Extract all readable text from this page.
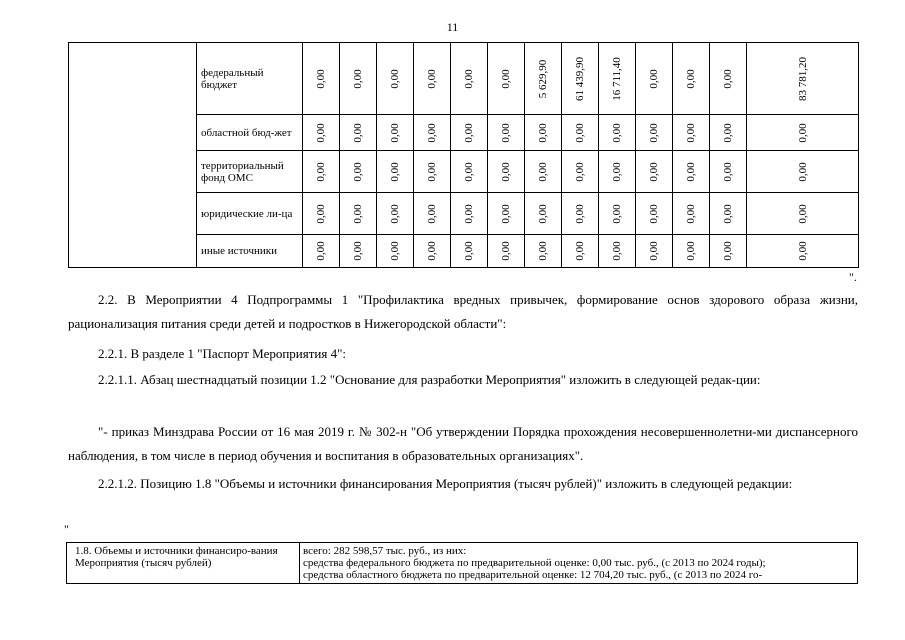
11
	федеральный бюджет	0,00	0,00	0,00	0,00	0,00	0,00	5 629,90	61 439,90	16 711,40	0,00	0,00	0,00	83 781,20

	областной бюд-жет	0,00	0,00	0,00	0,00	0,00	0,00	0,00	0,00	0,00	0,00	0,00	0,00	0,00

	территориальный фонд ОМС	0,00	0,00	0,00	0,00	0,00	0,00	0,00	0,00	0,00	0,00	0,00	0,00	0,00

	юридические ли-ца	0,00	0,00	0,00	0,00	0,00	0,00	0,00	0,00	0,00	0,00	0,00	0,00	0,00

	иные источники	0,00	0,00	0,00	0,00	0,00	0,00	0,00	0,00	0,00	0,00	0,00	0,00	0,00
".
2.2. В Мероприятии 4 Подпрограммы 1 "Профилактика вредных привычек, формирование основ здорового образа жизни, рационализация питания среди детей и подростков в Нижегородской области":
2.2.1. В разделе 1 "Паспорт Мероприятия 4":
2.2.1.1. Абзац шестнадцатый позиции 1.2 "Основание для разработки Мероприятия" изложить в следующей редак-ции:
"- приказ Минздрава России от 16 мая 2019 г. № 302-н "Об утверждении Порядка прохождения несовершеннолетни-ми диспансерного наблюдения, в том числе в период обучения и воспитания в образовательных организациях".
2.2.1.2. Позицию 1.8 "Объемы и источники финансирования Мероприятия (тысяч рублей)" изложить в следующей редакции:
"
1.8. Объемы и источники финансиро-вания Мероприятия (тысяч рублей)	
всего: 282 598,57 тыс. руб., из них:
средства федерального бюджета по предварительной оценке: 0,00 тыс. руб., (с 2013 по 2024 годы);
средства областного бюджета по предварительной оценке: 12 704,20 тыс. руб., (с 2013 по 2024 го-
